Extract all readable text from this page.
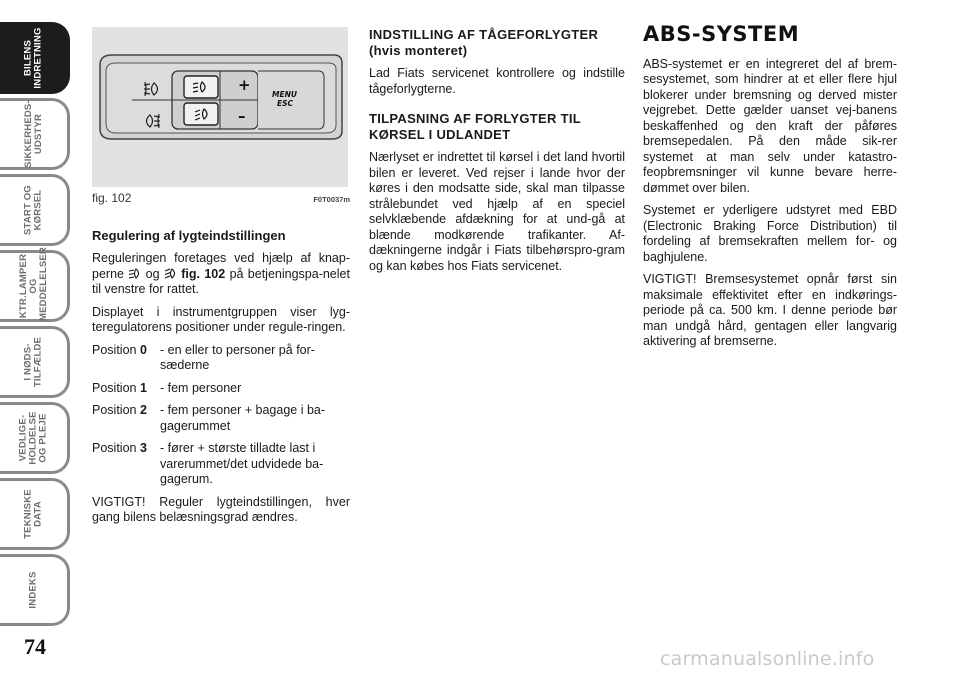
BILENS
INDRETNING
SIKKERHEDS-
UDSTYR
START OG
KØRSEL
KTR.LAMPER
OG
MEDDELELSER
I NØDS-
TILFÆLDE
VEDLIGE-
HOLDELSE
OG PLEJE
TEKNISKE
DATA
INDEKS
74
+
–
MENU
ESC
fig. 102	F0T0037m
Regulering af lygteindstillingen

Reguleringen foretages ved hjælp af knap-perne og fig. 102 på betjeningspa-nelet til venstre for rattet.

Displayet i instrumentgruppen viser lyg-teregulatorens positioner under regule-ringen.

Position 0	- en eller to personer på for-sæderne
Position 1	- fem personer
Position 2	- fem personer + bagage i ba-gagerummet
Position 3	- fører + største tilladte last i varerummet/det udvidede ba-gagerum.

VIGTIGT! Reguler lygteindstillingen, hver gang bilens belæsningsgrad ændres.

INDSTILLING AF TÅGEFORLYGTER
(hvis monteret)

Lad Fiats servicenet kontrollere og indstille tågeforlygterne.

TILPASNING AF FORLYGTER TIL KØRSEL I UDLANDET

Nærlyset er indrettet til kørsel i det land hvortil bilen er leveret. Ved rejser i lande hvor der køres i den modsatte side, skal man tilpasse strålebundet ved hjælp af en speciel selvklæbende afdækning for at und-gå at blænde modkørende trafikanter. Af-dækningerne indgår i Fiats tilbehørspro-gram og kan købes hos Fiats servicenet.

ABS-SYSTEM

ABS-systemet er en integreret del af brem-sesystemet, som hindrer at et eller flere hjul blokerer under bremsning og derved mister vejgrebet. Dette gælder uanset vej-banens beskaffenhed og den kraft der påføres bremsepedalen. På den måde sik-rer systemet at man selv under katastro-feopbremsninger vil kunne bevare herre-dømmet over bilen.

Systemet er yderligere udstyret med EBD (Electronic Braking Force Distribution) til fordeling af bremsekraften mellem for- og baghjulene.

VIGTIGT! Bremsesystemet opnår først sin maksimale effektivitet efter en indkørings-periode på ca. 500 km. I denne periode bør man undgå hård, gentagen eller langvarig aktivering af bremserne.

carmanualsonline.info
